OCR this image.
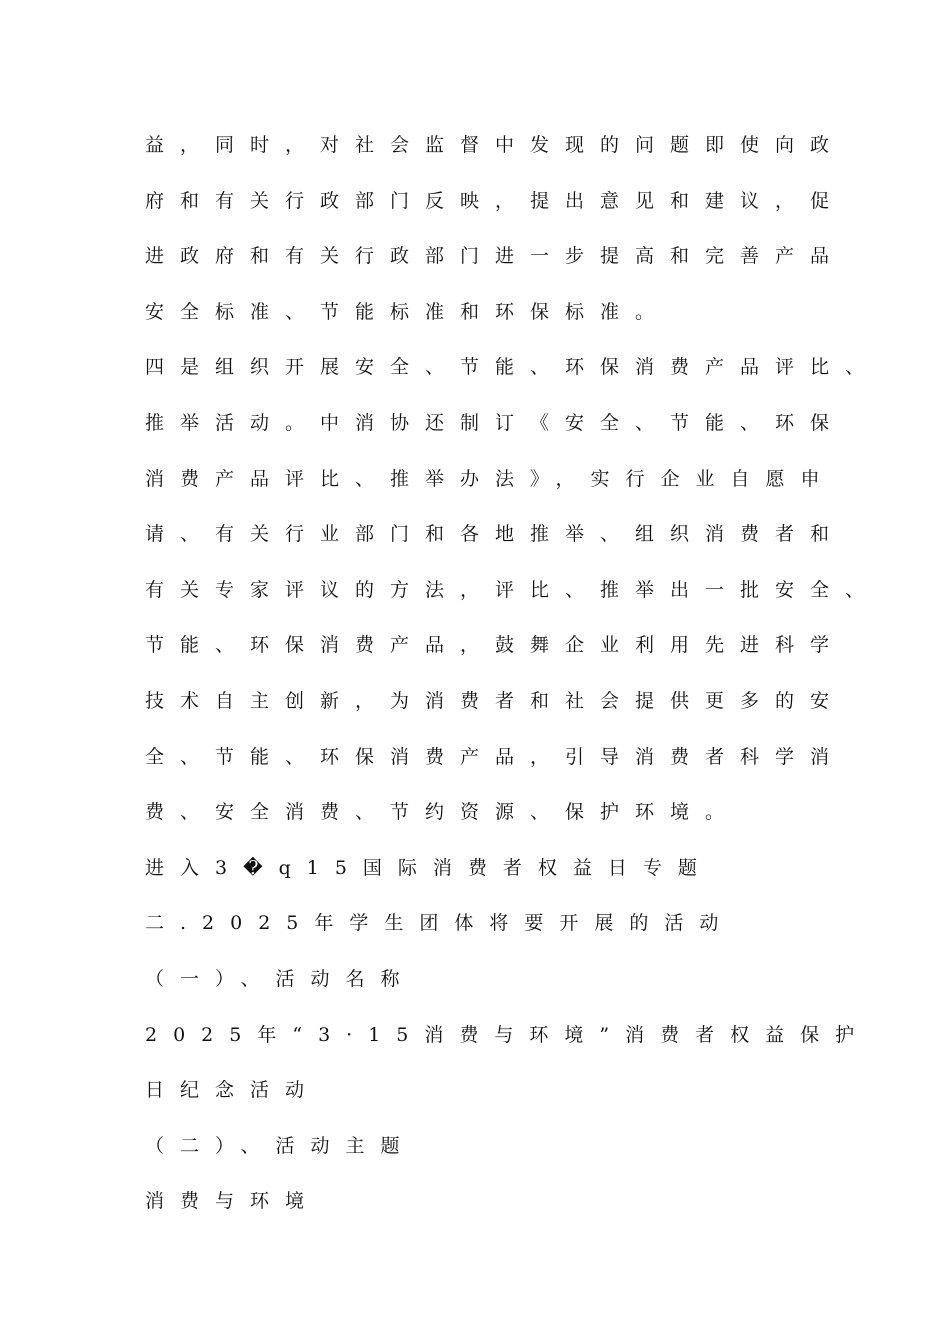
益，同时，对社会监督中发现的问题即使向政
府和有关行政部门反映，提出意见和建议，促
进政府和有关行政部门进一步提高和完善产品
安全标准、节能标准和环保标准。
四是组织开展安全、节能、环保消费产品评比、
推举活动。中消协还制订《安全、节能、环保
消费产品评比、推举办法》，实行企业自愿申
请、有关行业部门和各地推举、组织消费者和
有关专家评议的方法，评比、推举出一批安全、
节能、环保消费产品，鼓舞企业利用先进科学
技术自主创新，为消费者和社会提供更多的安
全、节能、环保消费产品，引导消费者科学消
费、安全消费、节约资源、保护环境。
进入3�q15国际消费者权益日专题
二.2025年学生团体将要开展的活动
（一）、活动名称
2025年“3·15消费与环境”消费者权益保护
日纪念活动
（二）、活动主题
消费与环境
